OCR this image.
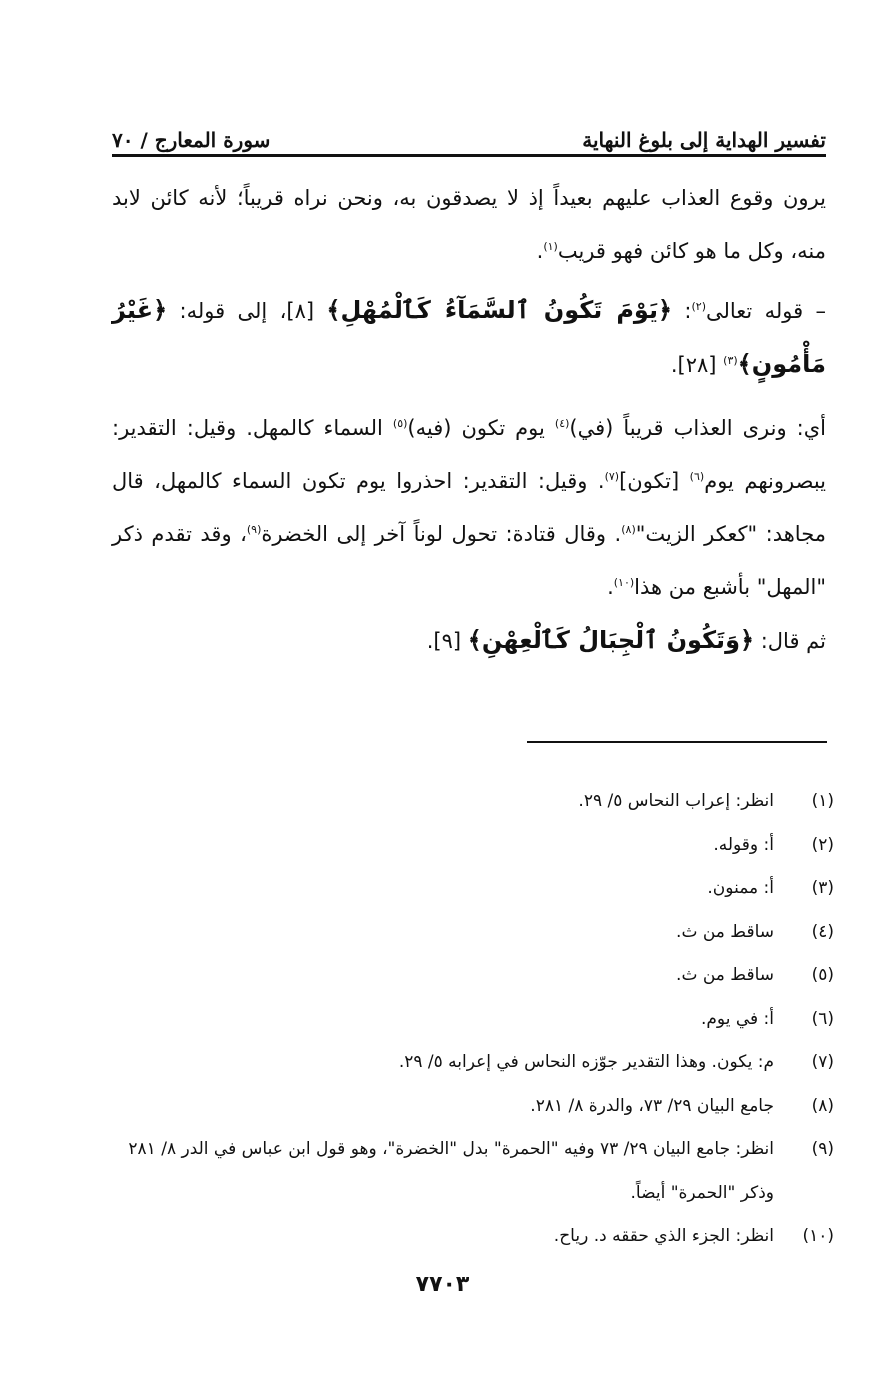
تفسير الهداية إلى بلوغ النهاية
سورة المعارج / ٧٠

يرون وقوع العذاب عليهم بعيداً إذ لا يصدقون به، ونحن نراه قريباً؛ لأنه كائن لابد منه، وكل ما هو كائن فهو قريب$^{(١)}$.

– قوله تعالى$^{(٢)}$: ﴿يَوْمَ تَكُونُ ٱلسَّمَآءُ كَٱلْمُهْلِ﴾ [٨]، إلى قوله: ﴿غَيْرُ مَأْمُونٍ﴾$^{(٣)}$ [٢٨].

أي: ونرى العذاب قريباً (في)$^{(٤)}$ يوم تكون (فيه)$^{(٥)}$ السماء كالمهل. وقيل: التقدير: يبصرونهم يوم$^{(٦)}$ [تكون]$^{(٧)}$. وقيل: التقدير: احذروا يوم تكون السماء كالمهل، قال مجاهد: "كعكر الزيت"$^{(٨)}$. وقال قتادة: تحول لوناً آخر إلى الخضرة$^{(٩)}$، وقد تقدم ذكر "المهل" بأشبع من هذا$^{(١٠)}$.

ثم قال: ﴿وَتَكُونُ ٱلْجِبَالُ كَٱلْعِهْنِ﴾ [٩].

(١)
انظر: إعراب النحاس ٥/ ٢٩.
(٢)
أ: وقوله.
(٣)
أ: ممنون.
(٤)
ساقط من ث.
(٥)
ساقط من ث.
(٦)
أ: في يوم.
(٧)
م: يكون. وهذا التقدير جوّزه النحاس في إعرابه ٥/ ٢٩.
(٨)
جامع البيان ٢٩/ ٧٣، والدرة ٨/ ٢٨١.
(٩)
انظر: جامع البيان ٢٩/ ٧٣ وفيه "الحمرة" بدل "الخضرة"، وهو قول ابن عباس في الدر ٨/ ٢٨١ وذكر "الحمرة" أيضاً.
(١٠)
انظر: الجزء الذي حققه د. رياح.
٧٧٠٣
